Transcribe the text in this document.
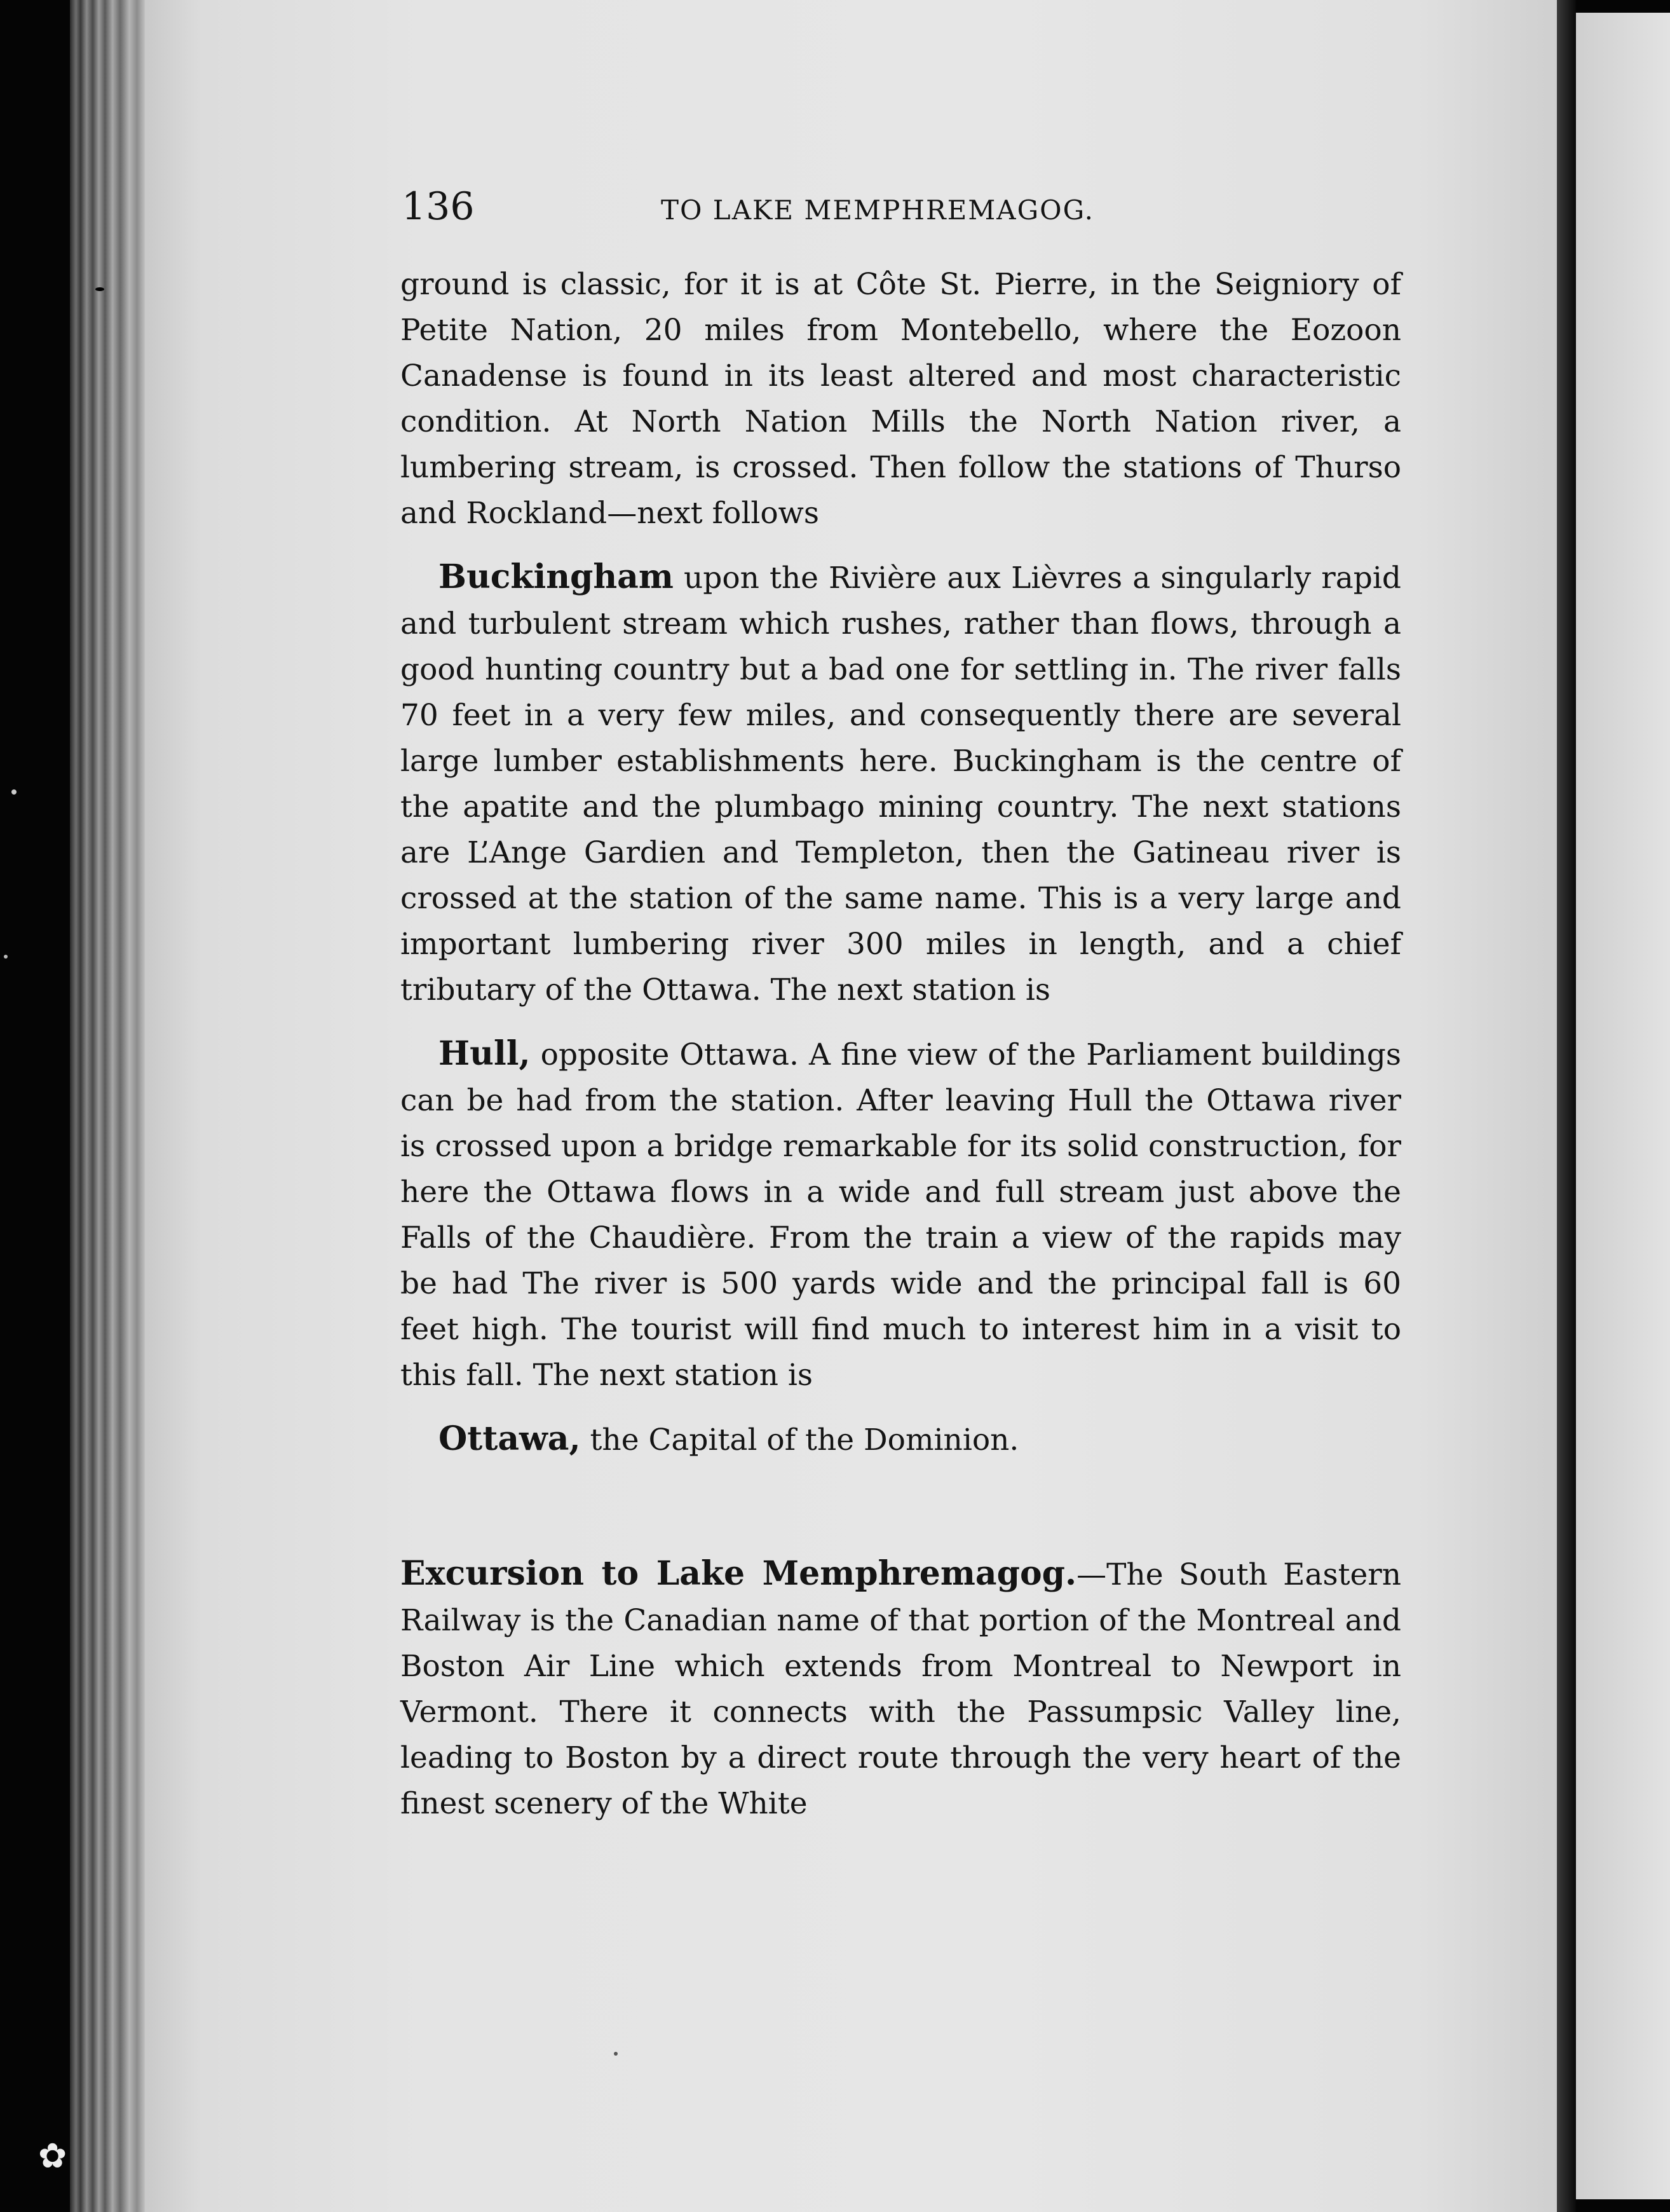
136	TO LAKE MEMPHREMAGOG.

ground is classic, for it is at Côte St. Pierre, in the Seigniory of Petite Nation, 20 miles from Montebello, where the Eozoon Canadense is found in its least altered and most characteristic condition. At North Nation Mills the North Nation river, a lumbering stream, is crossed. Then follow the stations of Thurso and Rockland—next follows

Buckingham upon the Rivière aux Lièvres a singularly rapid and turbulent stream which rushes, rather than flows, through a good hunting country but a bad one for settling in. The river falls 70 feet in a very few miles, and consequently there are several large lumber establishments here. Buckingham is the centre of the apatite and the plumbago mining country. The next stations are L’Ange Gardien and Templeton, then the Gatineau river is crossed at the station of the same name. This is a very large and important lumbering river 300 miles in length, and a chief tributary of the Ottawa. The next station is

Hull, opposite Ottawa. A fine view of the Parliament buildings can be had from the station. After leaving Hull the Ottawa river is crossed upon a bridge remarkable for its solid construction, for here the Ottawa flows in a wide and full stream just above the Falls of the Chaudière. From the train a view of the rapids may be had The river is 500 yards wide and the principal fall is 60 feet high. The tourist will find much to interest him in a visit to this fall. The next station is

Ottawa, the Capital of the Dominion.

Excursion to Lake Memphremagog.—The South Eastern Railway is the Canadian name of that portion of the Montreal and Boston Air Line which extends from Montreal to Newport in Vermont. There it connects with the Passumpsic Valley line, leading to Boston by a direct route through the very heart of the finest scenery of the White

✿
